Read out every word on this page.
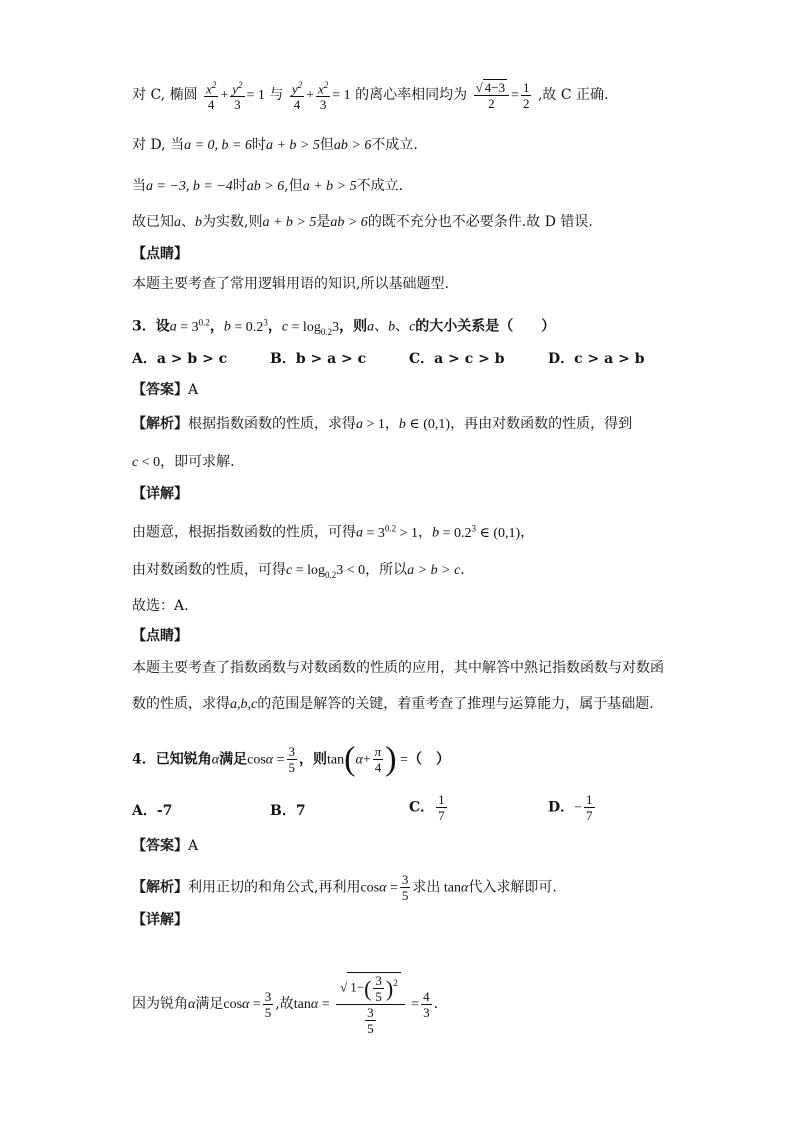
对 C, 椭圆 $\frac{x^2}{4} + \frac{y^2}{3} = 1$ 与 $\frac{y^2}{4} + \frac{x^2}{3} = 1$ 的离心率相同均为 $\frac{√ 4-3}{2} = \frac{1}{2}$ ,故 C 正确.
对 D, 当a = 0, b = 6时a + b > 5但ab > 6不成立.
当a = −3, b = −4时ab > 6,但a + b > 5不成立.
故已知a、b为实数,则a + b > 5是ab > 6的既不充分也不必要条件.故 D 错误.
【点睛】
本题主要考查了常用逻辑用语的知识,所以基础题型.
3．设$a = 3^{0.2}$，$b = 0.2^3$，$c = \log_{0.2}3$，则a、b、c的大小关系是（　　）
A．a > b > c	B．b > a > c	C．a > c > b	D．c > a > b
【答案】A
【解析】根据指数函数的性质，求得a > 1，b ∈ (0,1)，再由对数函数的性质，得到
c < 0，即可求解.
【详解】
由题意，根据指数函数的性质，可得$a = 3^{0.2} > 1$，$b = 0.2^3$ ∈ (0,1)，
由对数函数的性质，可得$c = \log_{0.2}3 < 0$，所以a > b > c.
故选：A.
【点睛】
本题主要考查了指数函数与对数函数的性质的应用，其中解答中熟记指数函数与对数函
数的性质，求得a,b,c的范围是解答的关键，着重考查了推理与运算能力，属于基础题.
4．已知锐角α满足$\cos\alpha = \frac{3}{5}$ ，则$\tan(\alpha+ \frac{\pi}{4}$ ) =（　）
A．-7	B．7	C． $\frac{1}{7}$	D．− $\frac{1}{7}$
【答案】A
【解析】利用正切的和角公式,再利用$\cos\alpha = \frac{3}{5}$ 求出 tanα代入求解即可.
【详解】
因为锐角α满足$\cos\alpha = \frac{3}{5}$ ,故$\tan\alpha = \frac{√ 1-( \frac{3}{5} )^2}{\frac{3}{5}} = \frac{4}{3}$ .
